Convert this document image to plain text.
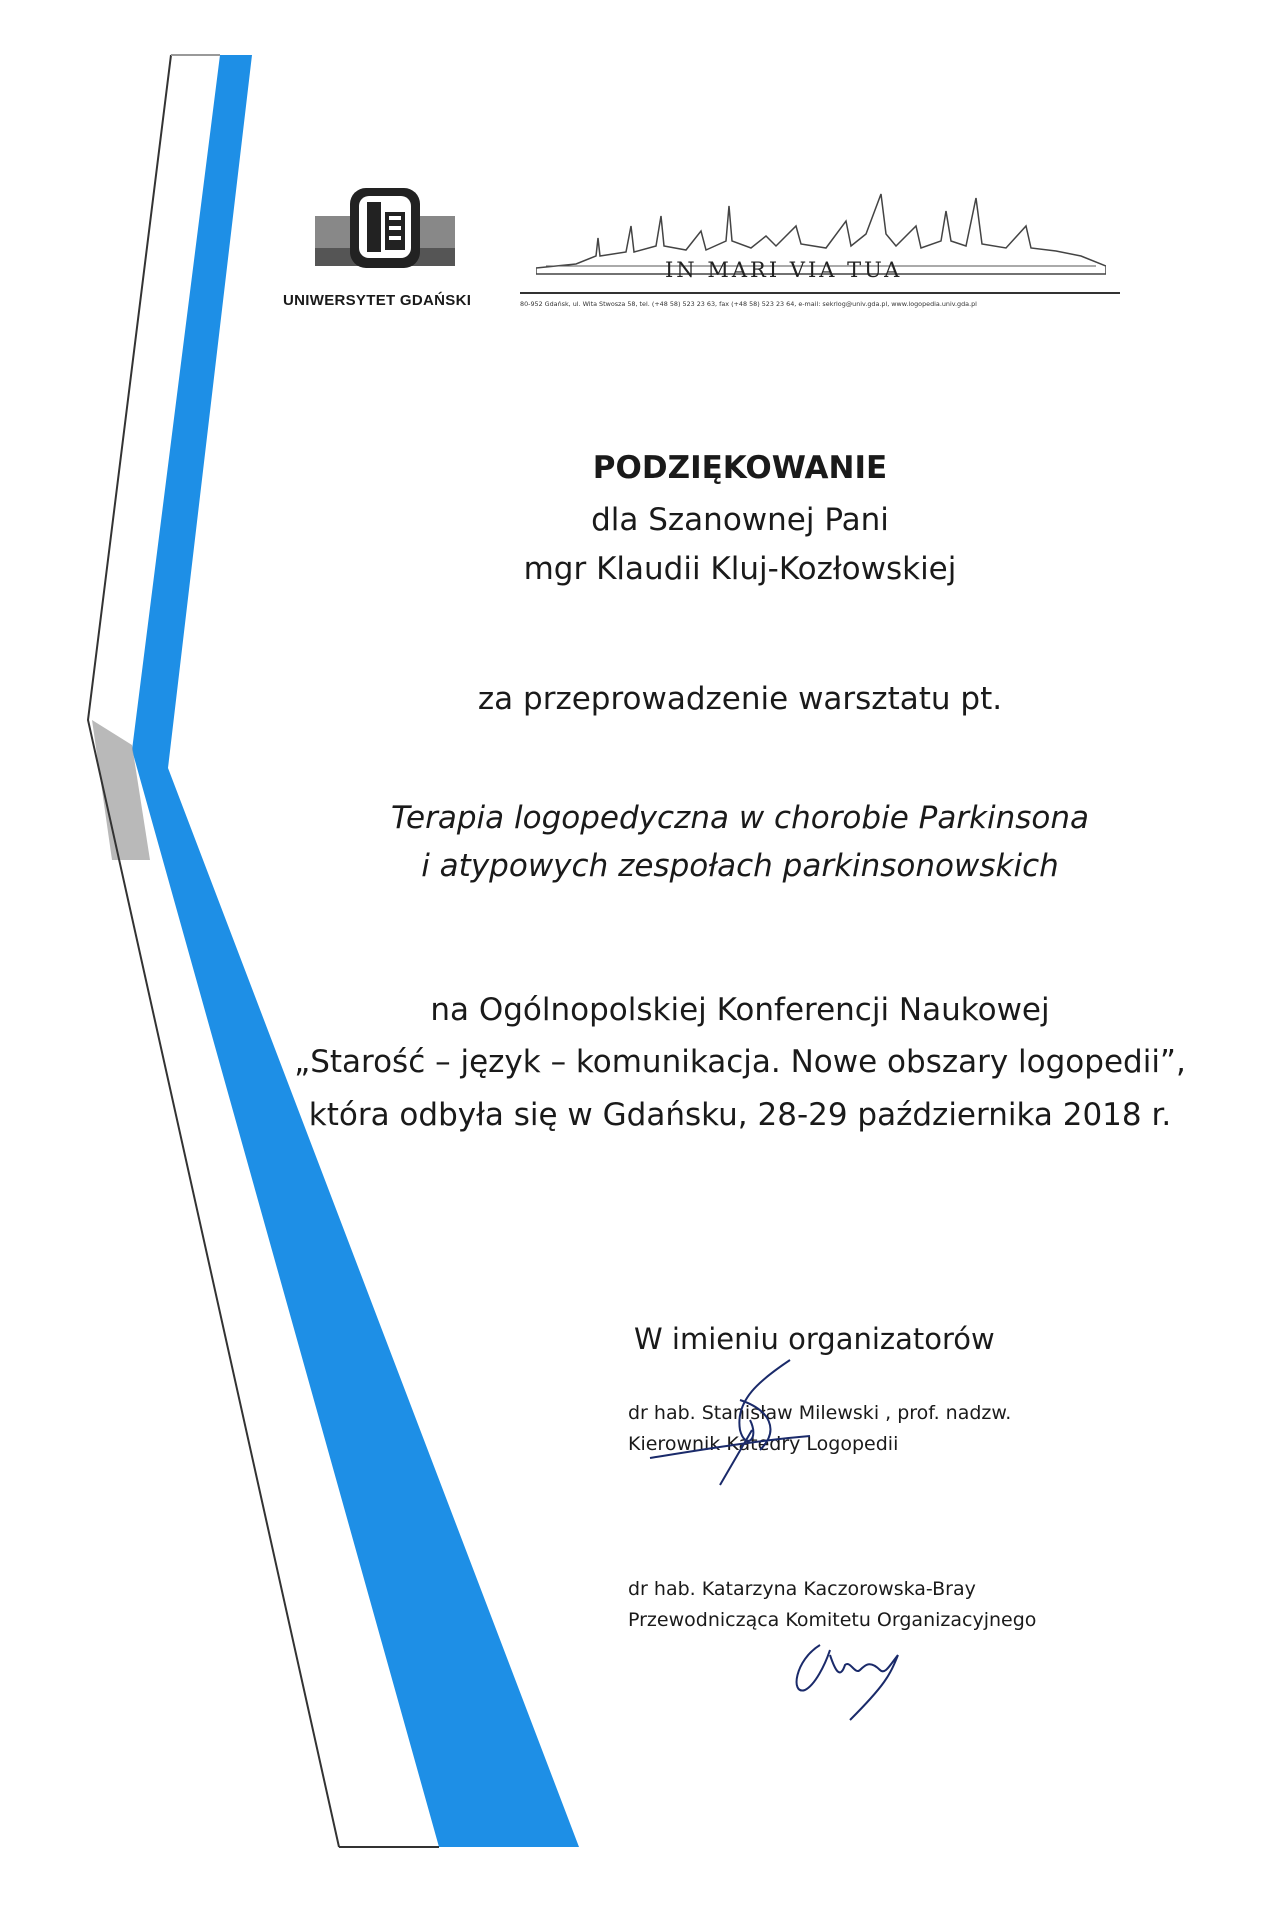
UNIWERSYTET GDAŃSKI
IN MARI VIA TUA
80-952 Gdańsk, ul. Wita Stwosza 58, tel. (+48 58) 523 23 63, fax (+48 58) 523 23 64, e-mail: sekrlog@univ.gda.pl, www.logopedia.univ.gda.pl
PODZIĘKOWANIE
dla Szanownej Pani
mgr Klaudii Kluj-Kozłowskiej
za przeprowadzenie warsztatu pt.
Terapia logopedyczna w chorobie Parkinsona
i atypowych zespołach parkinsonowskich
na Ogólnopolskiej Konferencji Naukowej
„Starość – język – komunikacja. Nowe obszary logopedii”,
która odbyła się w Gdańsku, 28-29 października 2018 r.
W imieniu organizatorów
dr hab. Stanisław Milewski , prof. nadzw.
Kierownik Katedry Logopedii
dr hab. Katarzyna Kaczorowska-Bray
Przewodnicząca Komitetu Organizacyjnego
